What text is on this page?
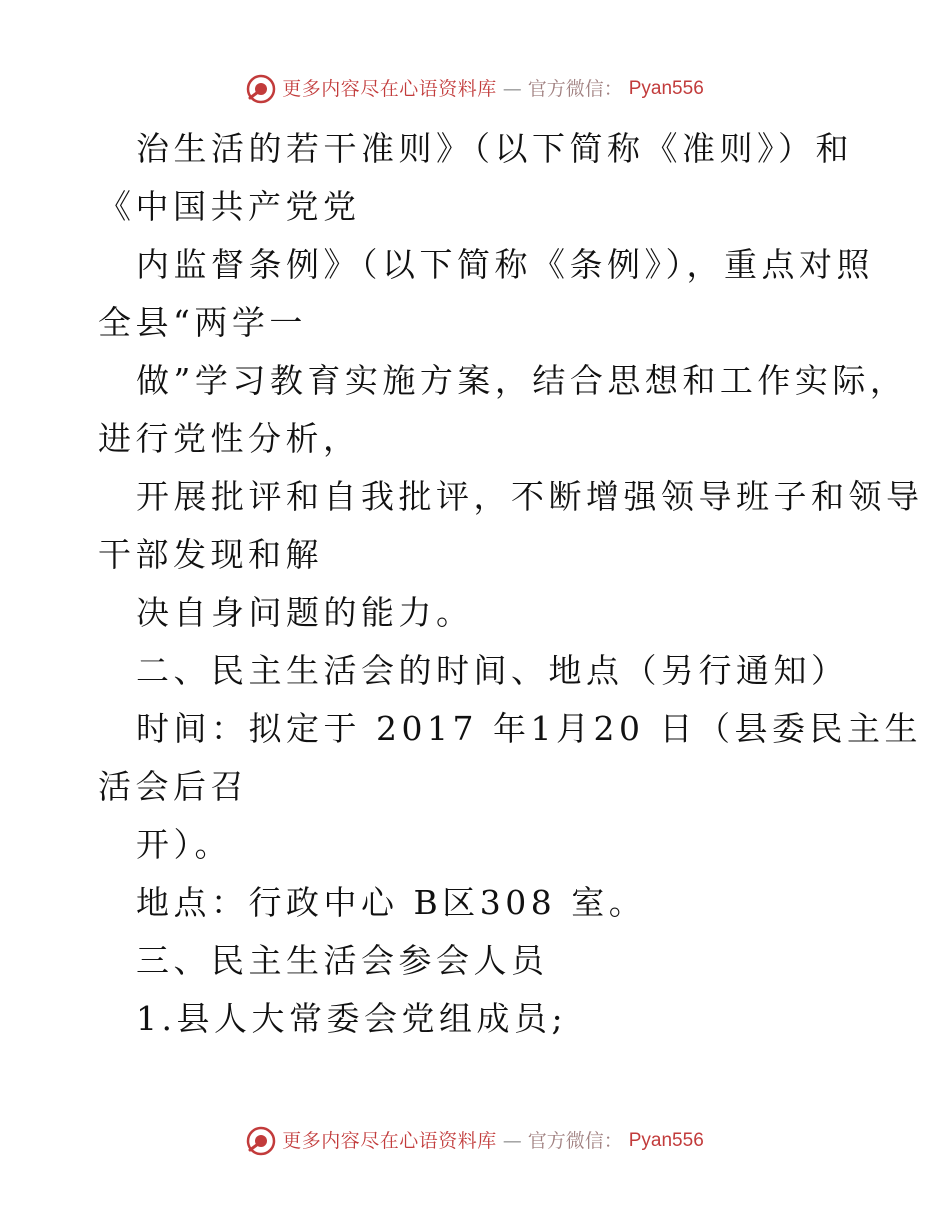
更多内容尽在心语资料库 — 官方微信： Pyan556
治生活的若干准则》（以下简称《准则》）和
《中国共产党党
内监督条例》（以下简称《条例》），重点对照
全县“两学一
做”学习教育实施方案，结合思想和工作实际，
进行党性分析，
开展批评和自我批评，不断增强领导班子和领导
干部发现和解
决自身问题的能力。
二、民主生活会的时间、地点（另行通知）
时间：拟定于 2017 年1月20 日（县委民主生
活会后召
开）。
地点：行政中心 B区308 室。
三、民主生活会参会人员
1.县人大常委会党组成员;
更多内容尽在心语资料库 — 官方微信： Pyan556
